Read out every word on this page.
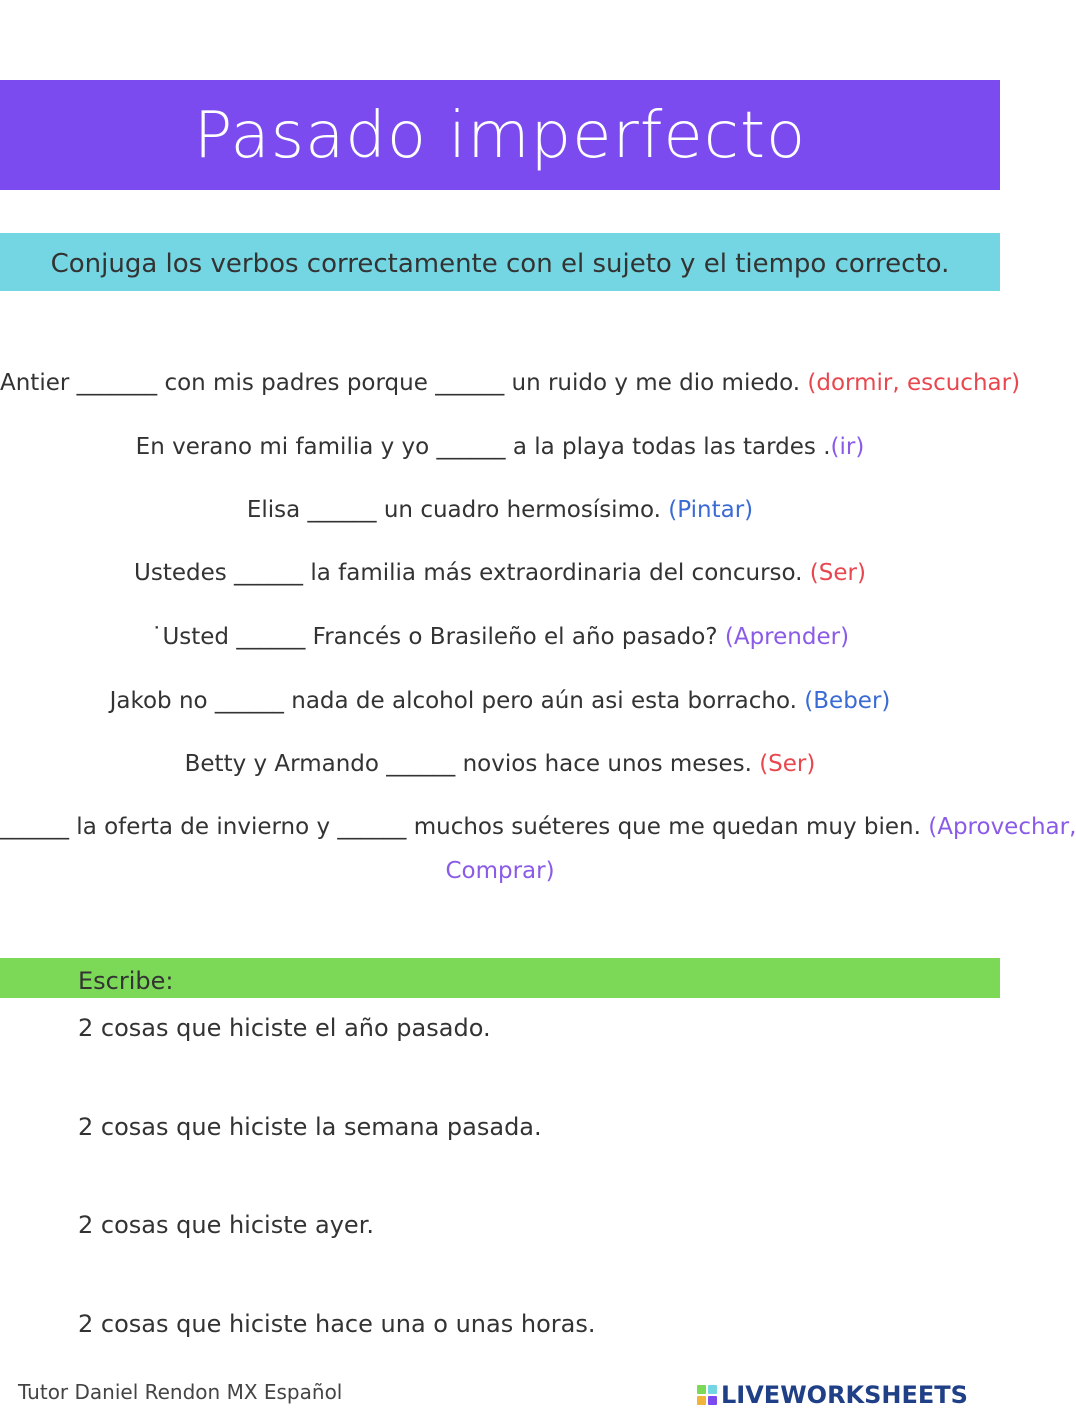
Pasado imperfecto
Conjuga los verbos correctamente con el sujeto y el tiempo correcto.
Antier _______ con mis padres porque ______ un ruido y me dio miedo. (dormir, escuchar)
En verano mi familia y yo ______ a la playa todas las tardes .(ir)
Elisa ______ un cuadro hermosísimo. (Pintar)
Ustedes ______ la familia más extraordinaria del concurso. (Ser)
˙Usted ______ Francés o Brasileño el año pasado? (Aprender)
Jakob no ______ nada de alcohol pero aún asi esta borracho. (Beber)
Betty y Armando ______ novios hace unos meses. (Ser)
______ la oferta de invierno y ______ muchos suéteres que me quedan muy bien. (Aprovechar,
Comprar)
Escribe:
2 cosas que hiciste el año pasado.
2 cosas que hiciste la semana pasada.
2 cosas que hiciste ayer.
2 cosas que hiciste hace una o unas horas.
Tutor Daniel Rendon MX Español	LIVEWORKSHEETS
